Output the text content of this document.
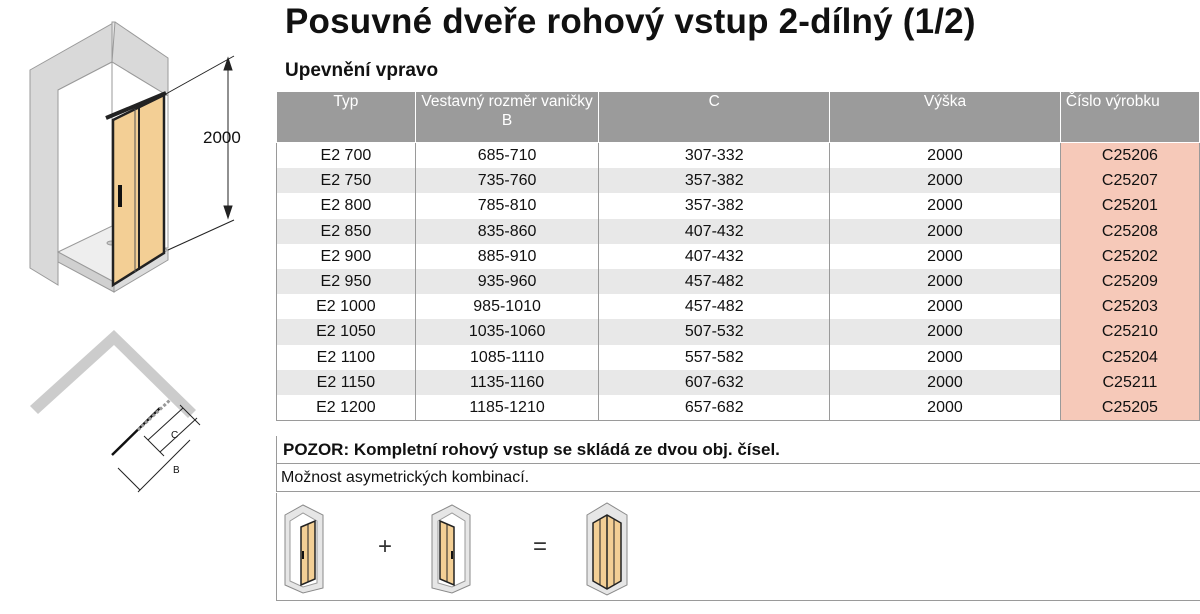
2000
C
B
Posuvné dveře rohový vstup 2-dílný (1/2)
Upevnění vpravo
Typ	Vestavný rozměr vaničky B	C	Výška	Číslo výrobku
E2 700	685-710	307-332	2000	C25206
E2 750	735-760	357-382	2000	C25207
E2 800	785-810	357-382	2000	C25201
E2 850	835-860	407-432	2000	C25208
E2 900	885-910	407-432	2000	C25202
E2 950	935-960	457-482	2000	C25209
E2 1000	985-1010	457-482	2000	C25203
E2 1050	1035-1060	507-532	2000	C25210
E2 1100	1085-1110	557-582	2000	C25204
E2 1150	1135-1160	607-632	2000	C25211
E2 1200	1185-1210	657-682	2000	C25205
POZOR: Kompletní rohový vstup se skládá ze dvou obj. čísel.
Možnost asymetrických kombinací.
+	=
